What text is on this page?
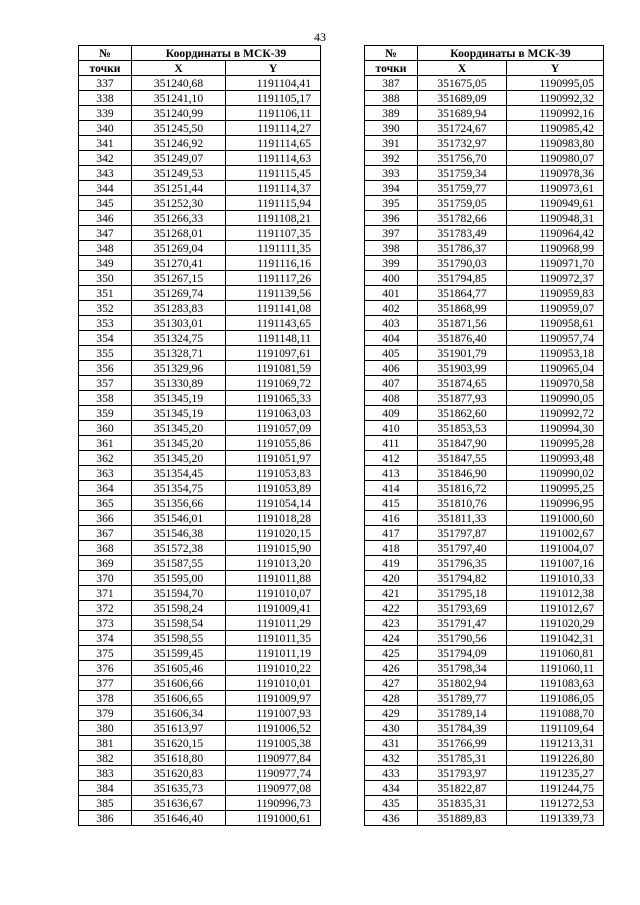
43
№	Координаты в МСК-39	
точки	X	Y
337	351240,68	1191104,41
338	351241,10	1191105,17
339	351240,99	1191106,11
340	351245,50	1191114,27
341	351246,92	1191114,65
342	351249,07	1191114,63
343	351249,53	1191115,45
344	351251,44	1191114,37
345	351252,30	1191115,94
346	351266,33	1191108,21
347	351268,01	1191107,35
348	351269,04	1191111,35
349	351270,41	1191116,16
350	351267,15	1191117,26
351	351269,74	1191139,56
352	351283,83	1191141,08
353	351303,01	1191143,65
354	351324,75	1191148,11
355	351328,71	1191097,61
356	351329,96	1191081,59
357	351330,89	1191069,72
358	351345,19	1191065,33
359	351345,19	1191063,03
360	351345,20	1191057,09
361	351345,20	1191055,86
362	351345,20	1191051,97
363	351354,45	1191053,83
364	351354,75	1191053,89
365	351356,66	1191054,14
366	351546,01	1191018,28
367	351546,38	1191020,15
368	351572,38	1191015,90
369	351587,55	1191013,20
370	351595,00	1191011,88
371	351594,70	1191010,07
372	351598,24	1191009,41
373	351598,54	1191011,29
374	351598,55	1191011,35
375	351599,45	1191011,19
376	351605,46	1191010,22
377	351606,66	1191010,01
378	351606,65	1191009,97
379	351606,34	1191007,93
380	351613,97	1191006,52
381	351620,15	1191005,38
382	351618,80	1190977,84
383	351620,83	1190977,74
384	351635,73	1190977,08
385	351636,67	1190996,73
386	351646,40	1191000,61
№	Координаты в МСК-39	
точки	X	Y
387	351675,05	1190995,05
388	351689,09	1190992,32
389	351689,94	1190992,16
390	351724,67	1190985,42
391	351732,97	1190983,80
392	351756,70	1190980,07
393	351759,34	1190978,36
394	351759,77	1190973,61
395	351759,05	1190949,61
396	351782,66	1190948,31
397	351783,49	1190964,42
398	351786,37	1190968,99
399	351790,03	1190971,70
400	351794,85	1190972,37
401	351864,77	1190959,83
402	351868,99	1190959,07
403	351871,56	1190958,61
404	351876,40	1190957,74
405	351901,79	1190953,18
406	351903,99	1190965,04
407	351874,65	1190970,58
408	351877,93	1190990,05
409	351862,60	1190992,72
410	351853,53	1190994,30
411	351847,90	1190995,28
412	351847,55	1190993,48
413	351846,90	1190990,02
414	351816,72	1190995,25
415	351810,76	1190996,95
416	351811,33	1191000,60
417	351797,87	1191002,67
418	351797,40	1191004,07
419	351796,35	1191007,16
420	351794,82	1191010,33
421	351795,18	1191012,38
422	351793,69	1191012,67
423	351791,47	1191020,29
424	351790,56	1191042,31
425	351794,09	1191060,81
426	351798,34	1191060,11
427	351802,94	1191083,63
428	351789,77	1191086,05
429	351789,14	1191088,70
430	351784,39	1191109,64
431	351766,99	1191213,31
432	351785,31	1191226,80
433	351793,97	1191235,27
434	351822,87	1191244,75
435	351835,31	1191272,53
436	351889,83	1191339,73
